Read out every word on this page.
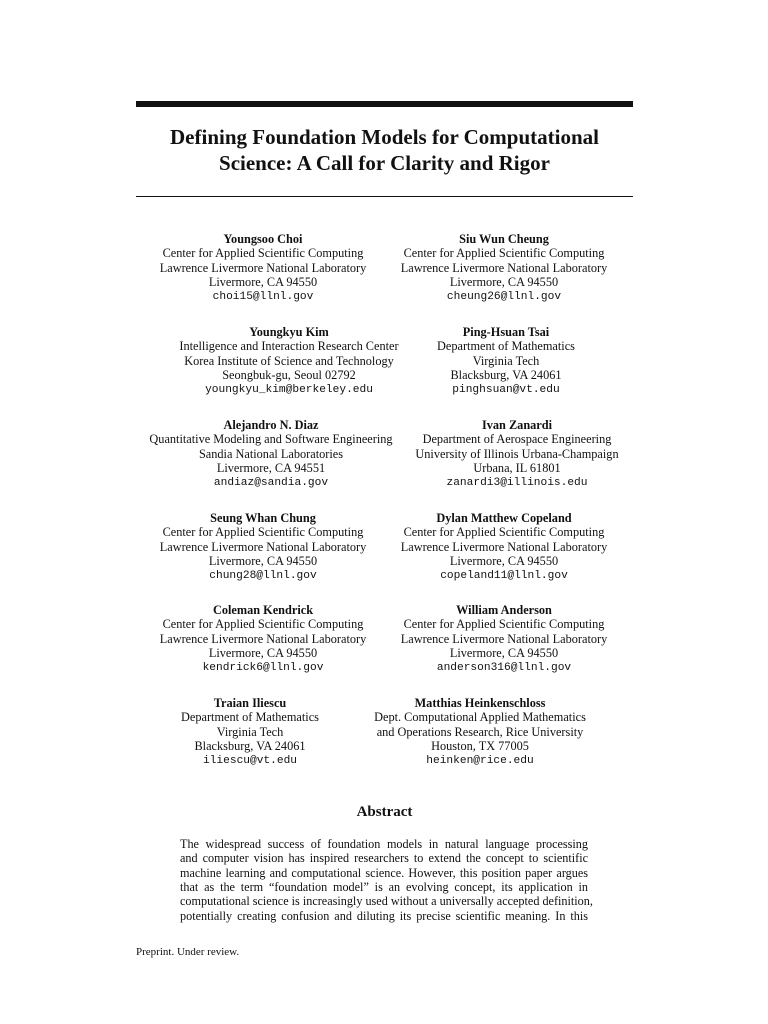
Defining Foundation Models for Computational
Science: A Call for Clarity and Rigor
Youngsoo Choi
Center for Applied Scientific Computing
Lawrence Livermore National Laboratory
Livermore, CA 94550
choi15@llnl.gov
Siu Wun Cheung
Center for Applied Scientific Computing
Lawrence Livermore National Laboratory
Livermore, CA 94550
cheung26@llnl.gov
Youngkyu Kim
Intelligence and Interaction Research Center
Korea Institute of Science and Technology
Seongbuk-gu, Seoul 02792
youngkyu_kim@berkeley.edu
Ping-Hsuan Tsai
Department of Mathematics
Virginia Tech
Blacksburg, VA 24061
pinghsuan@vt.edu
Alejandro N. Diaz
Quantitative Modeling and Software Engineering
Sandia National Laboratories
Livermore, CA 94551
andiaz@sandia.gov
Ivan Zanardi
Department of Aerospace Engineering
University of Illinois Urbana-Champaign
Urbana, IL 61801
zanardi3@illinois.edu
Seung Whan Chung
Center for Applied Scientific Computing
Lawrence Livermore National Laboratory
Livermore, CA 94550
chung28@llnl.gov
Dylan Matthew Copeland
Center for Applied Scientific Computing
Lawrence Livermore National Laboratory
Livermore, CA 94550
copeland11@llnl.gov
Coleman Kendrick
Center for Applied Scientific Computing
Lawrence Livermore National Laboratory
Livermore, CA 94550
kendrick6@llnl.gov
William Anderson
Center for Applied Scientific Computing
Lawrence Livermore National Laboratory
Livermore, CA 94550
anderson316@llnl.gov
Traian Iliescu
Department of Mathematics
Virginia Tech
Blacksburg, VA 24061
iliescu@vt.edu
Matthias Heinkenschloss
Dept. Computational Applied Mathematics
and Operations Research, Rice University
Houston, TX 77005
heinken@rice.edu
Abstract
The widespread success of foundation models in natural language processing
and computer vision has inspired researchers to extend the concept to scientific
machine learning and computational science. However, this position paper argues
that as the term “foundation model” is an evolving concept, its application in
computational science is increasingly used without a universally accepted definition,
potentially creating confusion and diluting its precise scientific meaning. In this
Preprint. Under review.
